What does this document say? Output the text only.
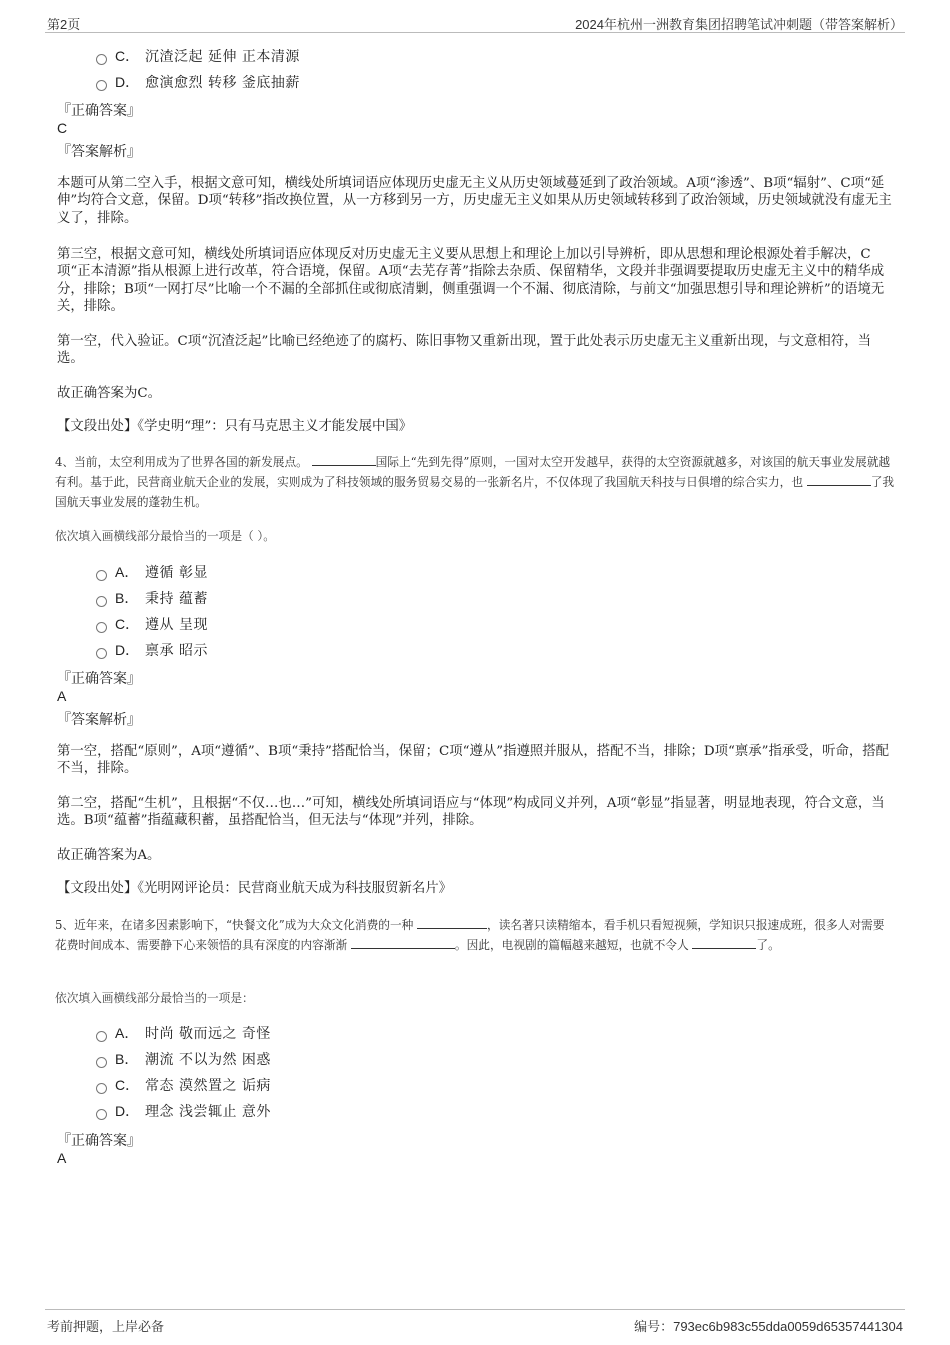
第2页	2024年杭州一洲教育集团招聘笔试冲刺题（带答案解析）
C． 沉渣泛起 延伸 正本清源
D． 愈演愈烈 转移 釜底抽薪
『正确答案』
C
『答案解析』
本题可从第二空入手，根据文意可知，横线处所填词语应体现历史虚无主义从历史领域蔓延到了政治领域。A项“渗透”、B项“辐射”、C项“延伸”均符合文意，保留。D项“转移”指改换位置，从一方移到另一方，历史虚无主义如果从历史领域转移到了政治领域，历史领域就没有虚无主义了，排除。
第三空，根据文意可知，横线处所填词语应体现反对历史虚无主义要从思想上和理论上加以引导辨析，即从思想和理论根源处着手解决，C项“正本清源”指从根源上进行改革，符合语境，保留。A项“去芜存菁”指除去杂质、保留精华，文段并非强调要提取历史虚无主义中的精华成分，排除；B项“一网打尽”比喻一个不漏的全部抓住或彻底清剿，侧重强调一个不漏、彻底清除，与前文“加强思想引导和理论辨析”的语境无关，排除。
第一空，代入验证。C项“沉渣泛起”比喻已经绝迹了的腐朽、陈旧事物又重新出现，置于此处表示历史虚无主义重新出现，与文意相符，当选。
故正确答案为C。
【文段出处】《学史明“理”：只有马克思主义才能发展中国》
4、当前，太空利用成为了世界各国的新发展点。	国际上“先到先得”原则，一国对太空开发越早，获得的太空资源就越多，对该国的航天事业发展就越有利。基于此，民营商业航天企业的发展，实则成为了科技领域的服务贸易交易的一张新名片，不仅体现了我国航天科技与日俱增的综合实力，也	了我国航天事业发展的蓬勃生机。
依次填入画横线部分最恰当的一项是（ ）。
A． 遵循 彰显
B． 秉持 蕴蓄
C． 遵从 呈现
D． 禀承 昭示
『正确答案』
A
『答案解析』
第一空，搭配“原则”，A项“遵循”、B项“秉持”搭配恰当，保留；C项“遵从”指遵照并服从，搭配不当，排除；D项“禀承”指承受，听命，搭配不当，排除。
第二空，搭配“生机”，且根据“不仅…也…”可知，横线处所填词语应与“体现”构成同义并列，A项“彰显”指显著，明显地表现，符合文意，当选。B项“蕴蓄”指蕴藏积蓄，虽搭配恰当，但无法与“体现”并列，排除。
故正确答案为A。
【文段出处】《光明网评论员：民营商业航天成为科技服贸新名片》
5、近年来，在诸多因素影响下，“快餐文化”成为大众文化消费的一种	，读名著只读精缩本，看手机只看短视频，学知识只报速成班，很多人对需要花费时间成本、需要静下心来领悟的具有深度的内容渐渐	。因此，电视剧的篇幅越来越短，也就不令人	了。
依次填入画横线部分最恰当的一项是：
A． 时尚 敬而远之 奇怪
B． 潮流 不以为然 困惑
C． 常态 漠然置之 诟病
D． 理念 浅尝辄止 意外
『正确答案』
A
考前押题，上岸必备	编号：793ec6b983c55dda0059d65357441304
